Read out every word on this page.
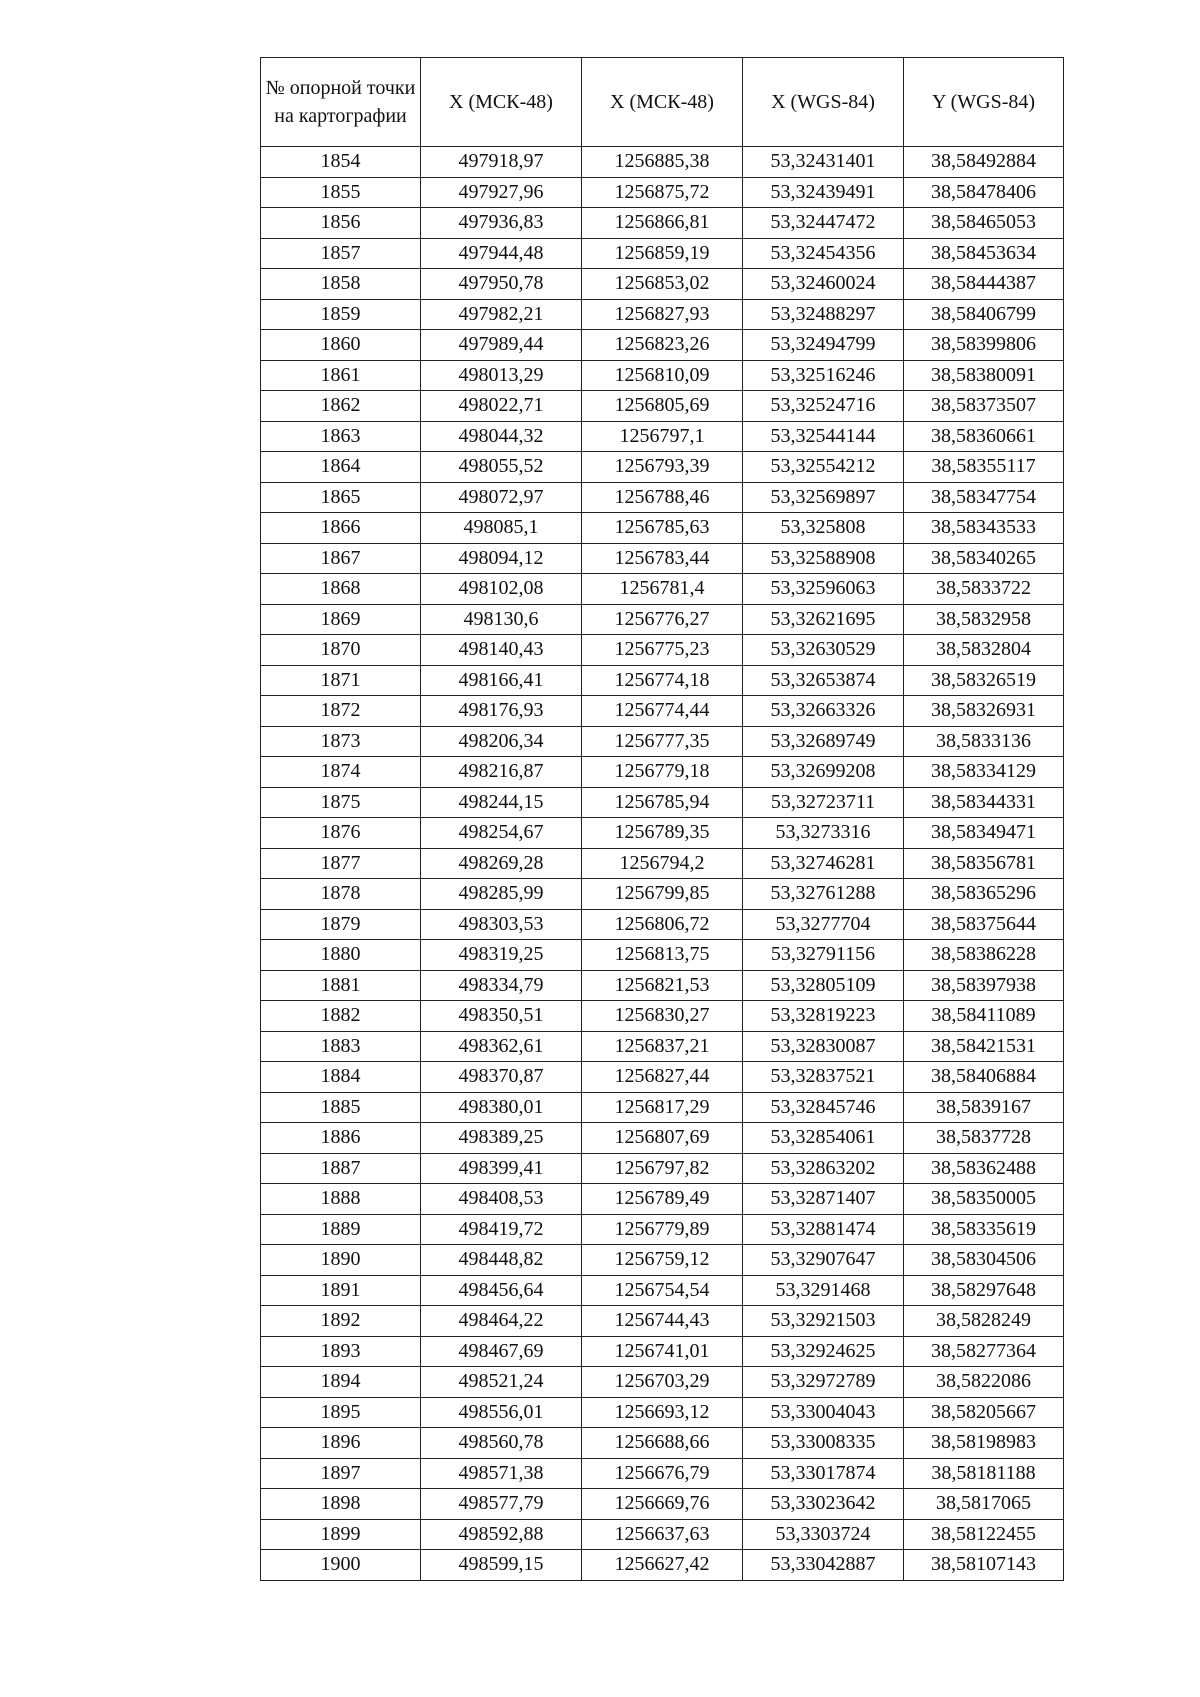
№ опорной точки на картографии	X (МСК-48)	X (МСК-48)	X (WGS-84)	Y (WGS-84)
1854	497918,97	1256885,38	53,32431401	38,58492884
1855	497927,96	1256875,72	53,32439491	38,58478406
1856	497936,83	1256866,81	53,32447472	38,58465053
1857	497944,48	1256859,19	53,32454356	38,58453634
1858	497950,78	1256853,02	53,32460024	38,58444387
1859	497982,21	1256827,93	53,32488297	38,58406799
1860	497989,44	1256823,26	53,32494799	38,58399806
1861	498013,29	1256810,09	53,32516246	38,58380091
1862	498022,71	1256805,69	53,32524716	38,58373507
1863	498044,32	1256797,1	53,32544144	38,58360661
1864	498055,52	1256793,39	53,32554212	38,58355117
1865	498072,97	1256788,46	53,32569897	38,58347754
1866	498085,1	1256785,63	53,325808	38,58343533
1867	498094,12	1256783,44	53,32588908	38,58340265
1868	498102,08	1256781,4	53,32596063	38,5833722
1869	498130,6	1256776,27	53,32621695	38,5832958
1870	498140,43	1256775,23	53,32630529	38,5832804
1871	498166,41	1256774,18	53,32653874	38,58326519
1872	498176,93	1256774,44	53,32663326	38,58326931
1873	498206,34	1256777,35	53,32689749	38,5833136
1874	498216,87	1256779,18	53,32699208	38,58334129
1875	498244,15	1256785,94	53,32723711	38,58344331
1876	498254,67	1256789,35	53,3273316	38,58349471
1877	498269,28	1256794,2	53,32746281	38,58356781
1878	498285,99	1256799,85	53,32761288	38,58365296
1879	498303,53	1256806,72	53,3277704	38,58375644
1880	498319,25	1256813,75	53,32791156	38,58386228
1881	498334,79	1256821,53	53,32805109	38,58397938
1882	498350,51	1256830,27	53,32819223	38,58411089
1883	498362,61	1256837,21	53,32830087	38,58421531
1884	498370,87	1256827,44	53,32837521	38,58406884
1885	498380,01	1256817,29	53,32845746	38,5839167
1886	498389,25	1256807,69	53,32854061	38,5837728
1887	498399,41	1256797,82	53,32863202	38,58362488
1888	498408,53	1256789,49	53,32871407	38,58350005
1889	498419,72	1256779,89	53,32881474	38,58335619
1890	498448,82	1256759,12	53,32907647	38,58304506
1891	498456,64	1256754,54	53,3291468	38,58297648
1892	498464,22	1256744,43	53,32921503	38,5828249
1893	498467,69	1256741,01	53,32924625	38,58277364
1894	498521,24	1256703,29	53,32972789	38,5822086
1895	498556,01	1256693,12	53,33004043	38,58205667
1896	498560,78	1256688,66	53,33008335	38,58198983
1897	498571,38	1256676,79	53,33017874	38,58181188
1898	498577,79	1256669,76	53,33023642	38,5817065
1899	498592,88	1256637,63	53,3303724	38,58122455
1900	498599,15	1256627,42	53,33042887	38,58107143
